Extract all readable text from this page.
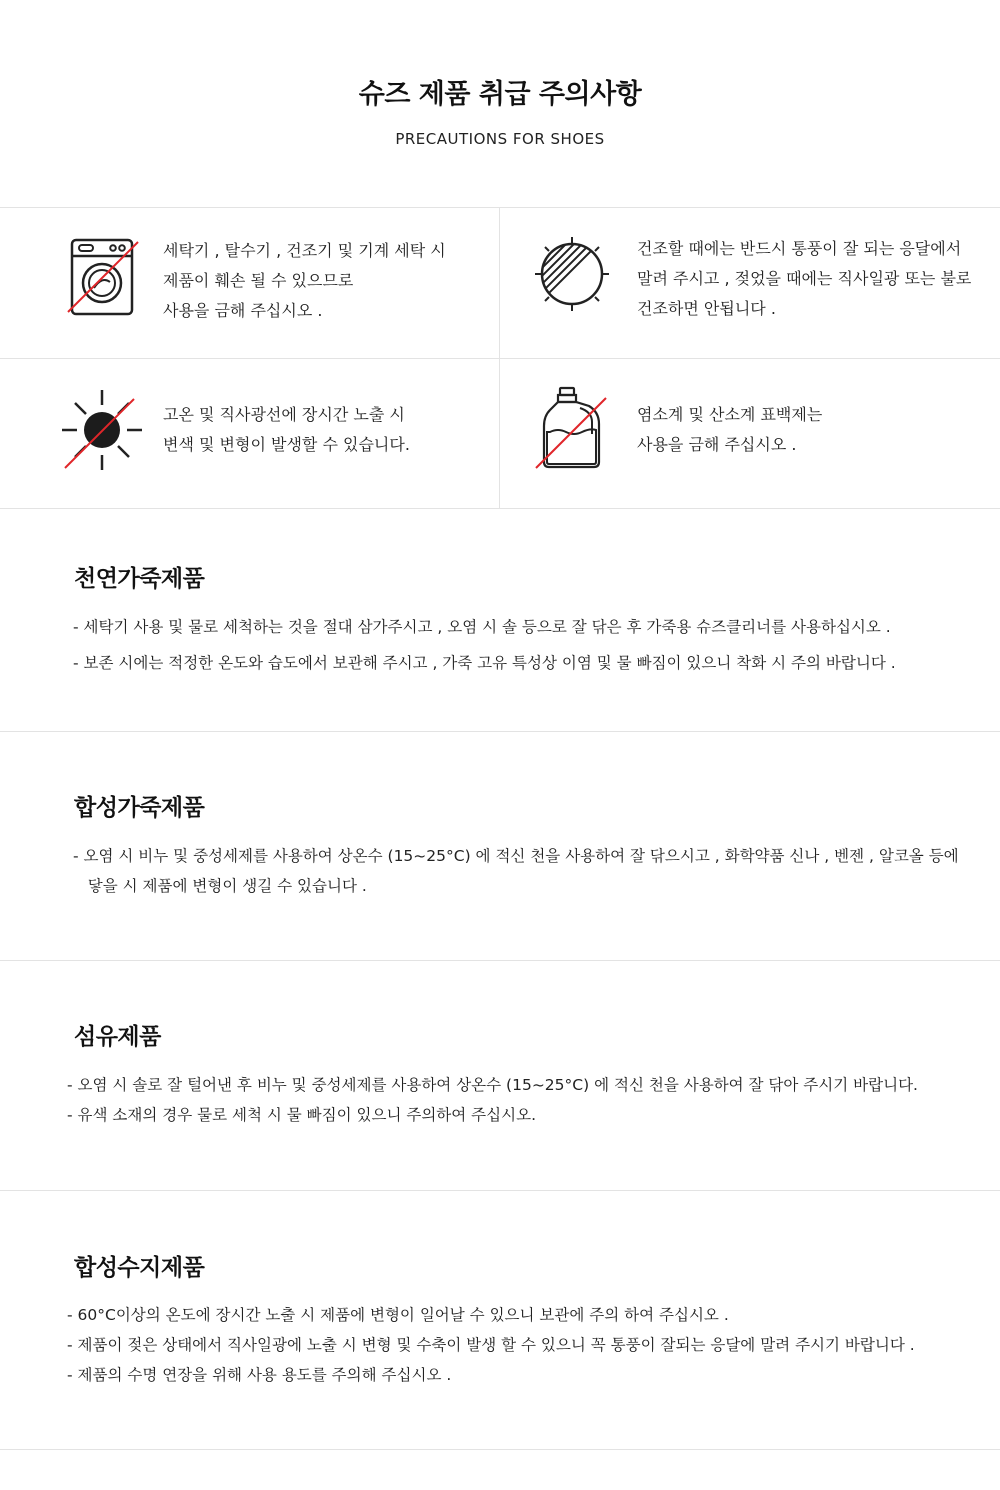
슈즈 제품 취급 주의사항
PRECAUTIONS FOR SHOES
세탁기 , 탈수기 , 건조기 및 기계 세탁 시
제품이 훼손 될 수 있으므로
사용을 금해 주십시오 .
건조할 때에는 반드시 통풍이 잘 되는 응달에서
말려 주시고 , 젖었을 때에는 직사일광 또는 불로
건조하면 안됩니다 .
고온 및 직사광선에 장시간 노출 시
변색 및 변형이 발생할 수 있습니다.
염소계 및 산소계 표백제는
사용을 금해 주십시오 .
천연가죽제품
- 세탁기 사용 및 물로 세척하는 것을 절대 삼가주시고 , 오염 시 솔 등으로 잘 닦은 후 가죽용 슈즈클리너를 사용하십시오 .
- 보존 시에는 적정한 온도와 습도에서 보관해 주시고 , 가죽 고유 특성상 이염 및 물 빠짐이 있으니 착화 시 주의 바랍니다 .
합성가죽제품
- 오염 시 비누 및 중성세제를 사용하여 상온수 (15~25°C) 에 적신 천을 사용하여 잘 닦으시고 , 화학약품 신나 , 벤젠 , 알코올 등에
닿을 시 제품에 변형이 생길 수 있습니다 .
섬유제품
- 오염 시 솔로 잘 털어낸 후 비누 및 중성세제를 사용하여 상온수 (15~25°C) 에 적신 천을 사용하여 잘 닦아 주시기 바랍니다.
- 유색 소재의 경우 물로 세척 시 물 빠짐이 있으니 주의하여 주십시오.
합성수지제품
- 60°C이상의 온도에 장시간 노출 시 제품에 변형이 일어날 수 있으니 보관에 주의 하여 주십시오 .
- 제품이 젖은 상태에서 직사일광에 노출 시 변형 및 수축이 발생 할 수 있으니 꼭 통풍이 잘되는 응달에 말려 주시기 바랍니다 .
- 제품의 수명 연장을 위해 사용 용도를 주의해 주십시오 .
